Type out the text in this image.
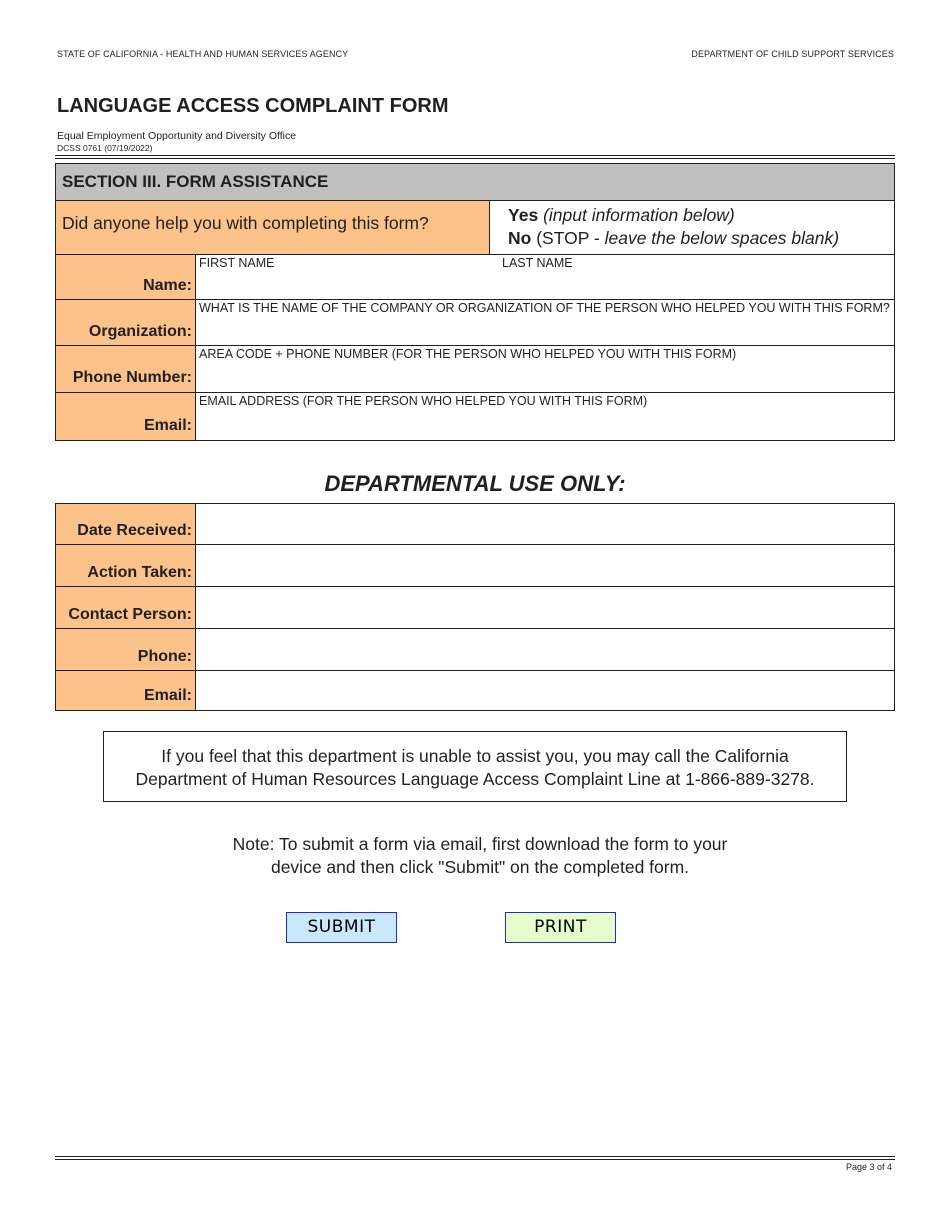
STATE OF CALIFORNIA - HEALTH AND HUMAN SERVICES AGENCY	DEPARTMENT OF CHILD SUPPORT SERVICES
LANGUAGE ACCESS COMPLAINT FORM
Equal Employment Opportunity and Diversity Office
DCSS 0761 (07/19/2022)
SECTION III. FORM ASSISTANCE
Did anyone help you with completing this form?	Yes (input information below)
No (STOP - leave the below spaces blank)
Name:
FIRST NAME	LAST NAME
Organization:
WHAT IS THE NAME OF THE COMPANY OR ORGANIZATION OF THE PERSON WHO HELPED YOU WITH THIS FORM?
Phone Number:
AREA CODE + PHONE NUMBER (FOR THE PERSON WHO HELPED YOU WITH THIS FORM)
Email:
EMAIL ADDRESS (FOR THE PERSON WHO HELPED YOU WITH THIS FORM)
DEPARTMENTAL USE ONLY:
Date Received:
Action Taken:
Contact Person:
Phone:
Email:
If you feel that this department is unable to assist you, you may call the California
Department of Human Resources Language Access Complaint Line at 1-866-889-3278.
Note: To submit a form via email, first download the form to your
device and then click "Submit" on the completed form.
SUBMIT	PRINT
Page 3 of 4
